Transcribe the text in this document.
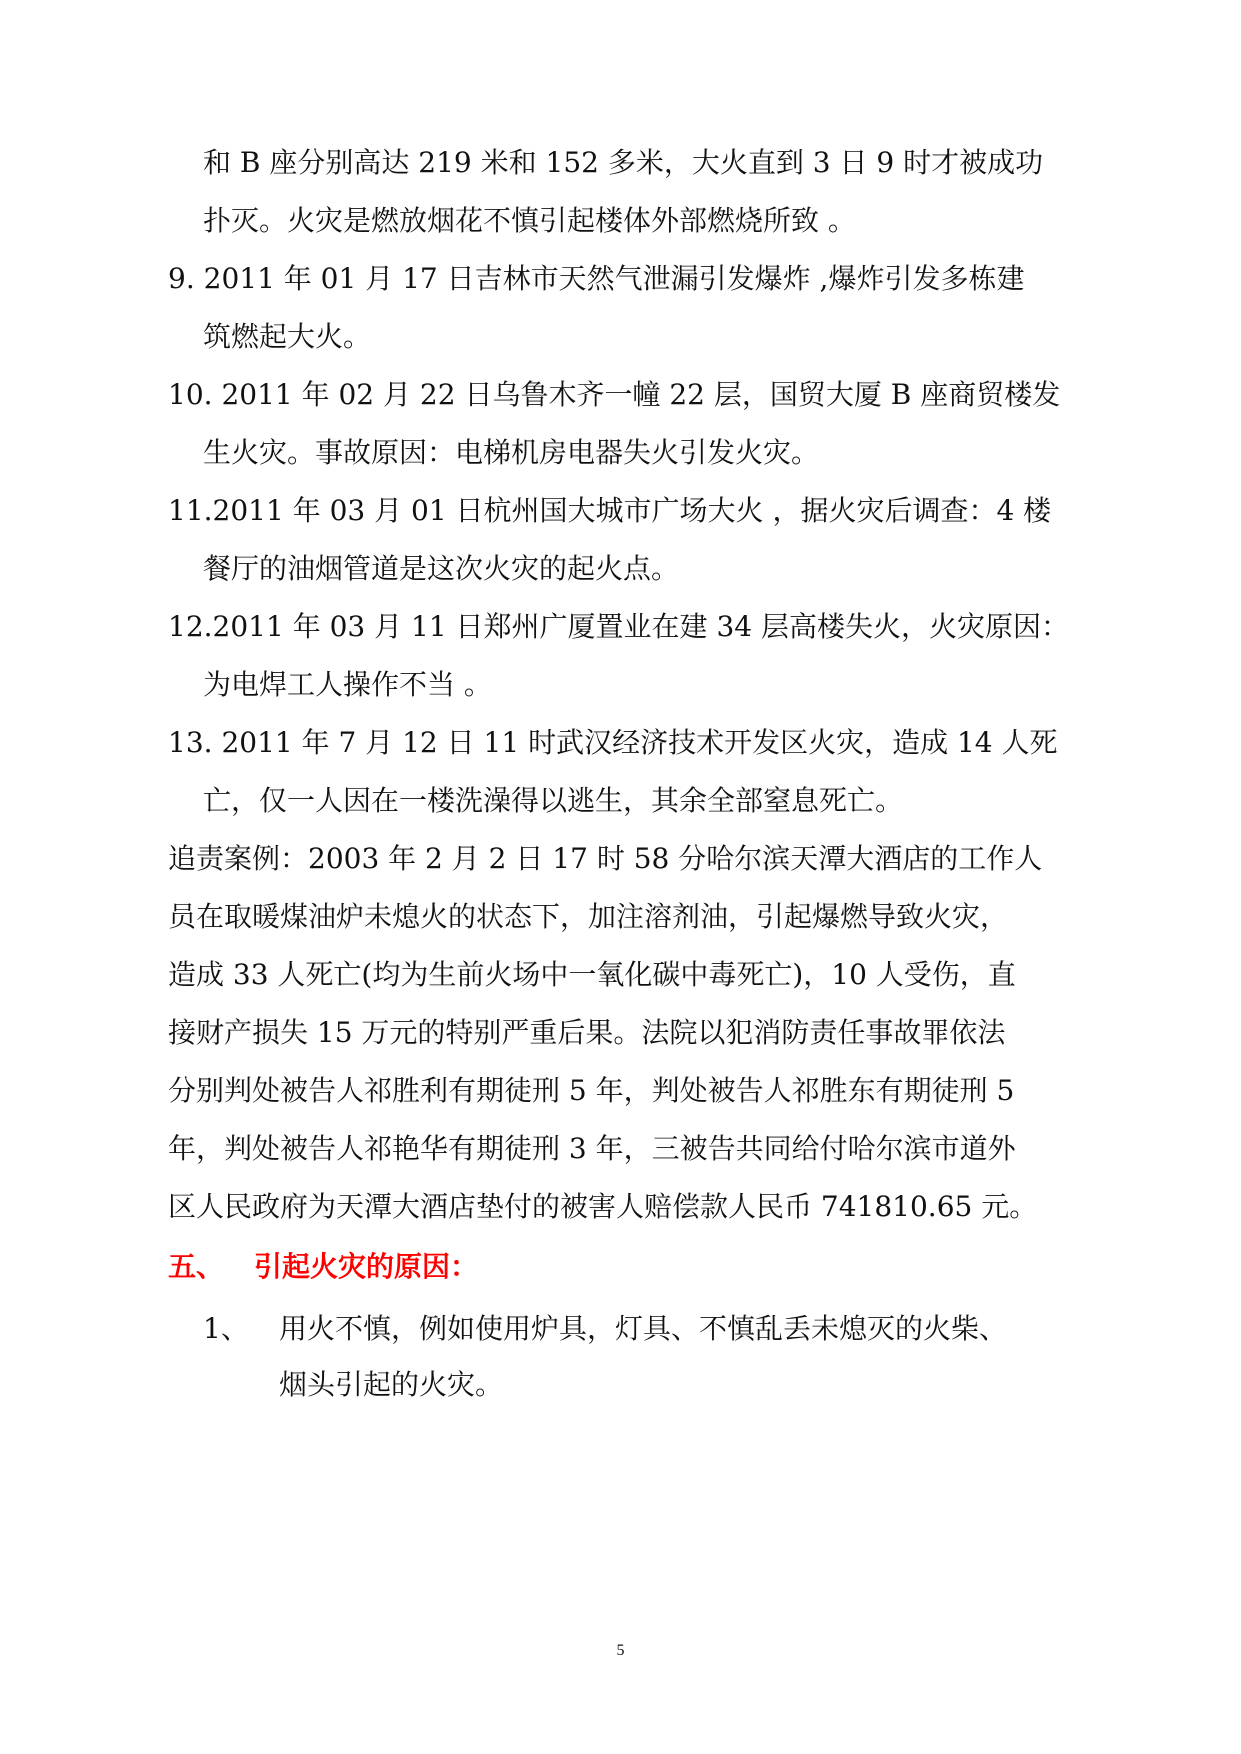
和 B 座分别高达 219 米和 152 多米，大火直到 3 日 9 时才被成功
扑灭。火灾是燃放烟花不慎引起楼体外部燃烧所致 。
9. 2011 年 01 月 17 日吉林市天然气泄漏引发爆炸 ,爆炸引发多栋建
筑燃起大火。
10. 2011 年 02 月 22 日乌鲁木齐一幢 22 层，国贸大厦 B 座商贸楼发
生火灾。事故原因：电梯机房电器失火引发火灾。
11.2011 年 03 月 01 日杭州国大城市广场大火 ，据火灾后调查：4 楼
餐厅的油烟管道是这次火灾的起火点。
12.2011 年 03 月 11 日郑州广厦置业在建 34 层高楼失火，火灾原因：
为电焊工人操作不当 。
13. 2011 年 7 月 12 日 11 时武汉经济技术开发区火灾，造成 14 人死
亡，仅一人因在一楼洗澡得以逃生，其余全部窒息死亡。
追责案例：2003 年 2 月 2 日 17 时 58 分哈尔滨天潭大酒店的工作人
员在取暖煤油炉未熄火的状态下，加注溶剂油，引起爆燃导致火灾，
造成 33 人死亡(均为生前火场中一氧化碳中毒死亡)，10 人受伤，直
接财产损失 15 万元的特别严重后果。法院以犯消防责任事故罪依法
分别判处被告人祁胜利有期徒刑 5 年，判处被告人祁胜东有期徒刑 5
年，判处被告人祁艳华有期徒刑 3 年，三被告共同给付哈尔滨市道外
区人民政府为天潭大酒店垫付的被害人赔偿款人民币 741810.65 元。
五、 引起火灾的原因：
1、 用火不慎，例如使用炉具，灯具、不慎乱丢未熄灭的火柴、
烟头引起的火灾。
5
